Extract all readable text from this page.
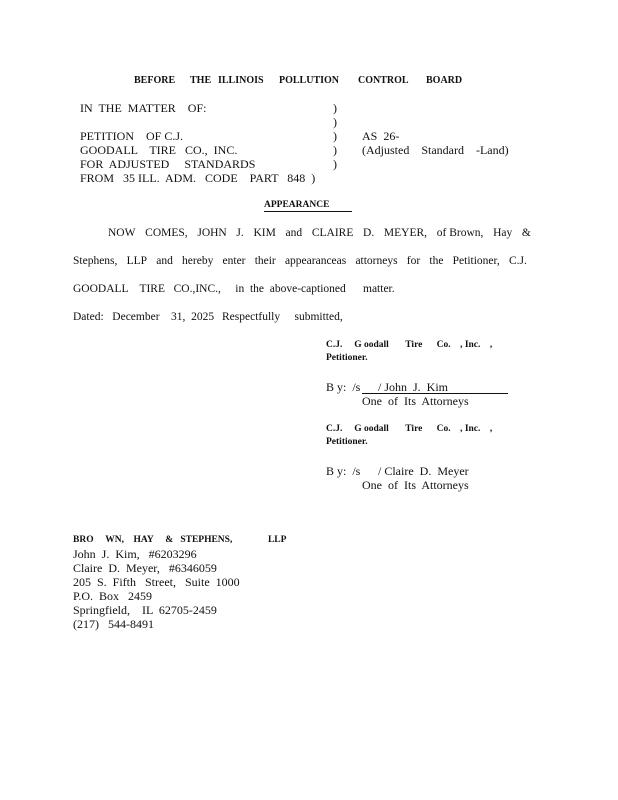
BEFORE THE ILLINOIS POLLUTION CONTROL BOARD
IN  THE  MATTER    OF:
PETITION    OF C.J.
GOODALL    TIRE   CO.,  INC.
FOR  ADJUSTED     STANDARDS
FROM   35 ILL.  ADM.   CODE    PART   848  )
)
)
)
)
)
AS  26-
(Adjusted    Standard    -Land)
APPEARANCE
NOW COMES, JOHN J. KIM and CLAIRE D. MEYER, of Brown, Hay &
Stephens, LLP and hereby enter their appearanceas attorneys for the Petitioner, C.J.
GOODALL    TIRE   CO.,INC.,     in  the  above-captioned      matter.
Dated:   December    31,  2025 Respectfully     submitted,
C.J.     G oodall       Tire      Co.    , Inc.    ,
Petitioner.
B y:  /s / John  J.  Kim
One  of  Its  Attorneys
C.J.     G oodall       Tire      Co.    , Inc.    ,
Petitioner.
B y:  /s / Claire  D.  Meyer
One  of  Its  Attorneys
BRO     WN,    HAY     &   STEPHENS,               LLP
John  J.  Kim,   #6203296
Claire  D.  Meyer,   #6346059
205  S.  Fifth   Street,   Suite  1000
P.O.  Box   2459
Springfield,    IL  62705-2459
(217)   544-8491
